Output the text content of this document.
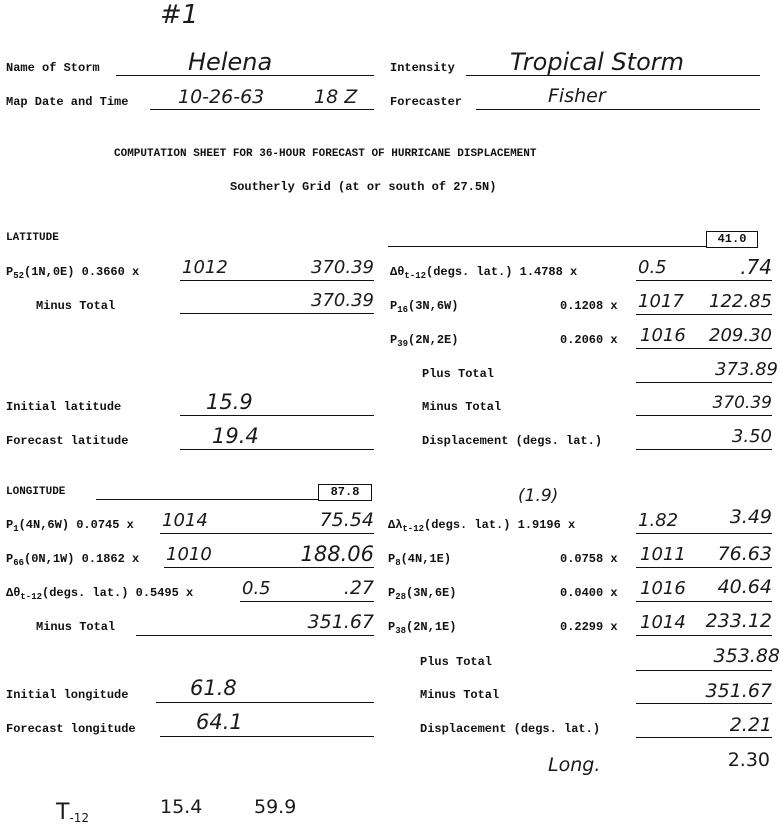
#1
Name of Storm	Helena	Intensity Tropical Storm
Map Date and Time	10-26-63	18 Z	Forecaster	Fisher
COMPUTATION SHEET FOR 36-HOUR FORECAST OF HURRICANE DISPLACEMENT
Southerly Grid (at or south of 27.5N)
LATITUDE	41.0
$P_{52}(1N,0E)$ 0.3660 x 1012	370.39
Minus Total	370.39
$\Delta\theta_{t-12}(degs$. lat.) 1.4788 x	0.5	.74
$P_{16}(3N,6W)$	0.1208 x 1017	122.85
$P_{39}(2N,2E)$	0.2060 x 1016	209.30
Plus Total	373.89
Initial latitude	15.9	Minus Total	370.39
Forecast latitude	19.4	Displacement (degs. lat.)	3.50
LONGITUDE	87.8	(1.9)
$P_1(4N,6W)$ 0.0745 x 1014	75.54
$P_{66}(0N,1W)$ 0.1862 x 1010	188.06
$\Delta\theta_{t-12}(degs$. lat.) 0.5495 x	0.5	.27
Minus Total	351.67
$\Delta\lambda_{t-12}(degs$. lat.) 1.9196 x	1.82	3.49
$P_8(4N,1E)$	0.0758 x 1011	76.63
$P_{28}(3N,6E)$	0.0400 x 1016	40.64
$P_{38}(2N,1E)$	0.2299 x 1014	233.12
Plus Total	353.88
Initial longitude	61.8	Minus Total	351.67
Forecast longitude	64.1	Displacement (degs. lat.)	2.21
Long.	2.30
$T_{-12}$	15.4	59.9
